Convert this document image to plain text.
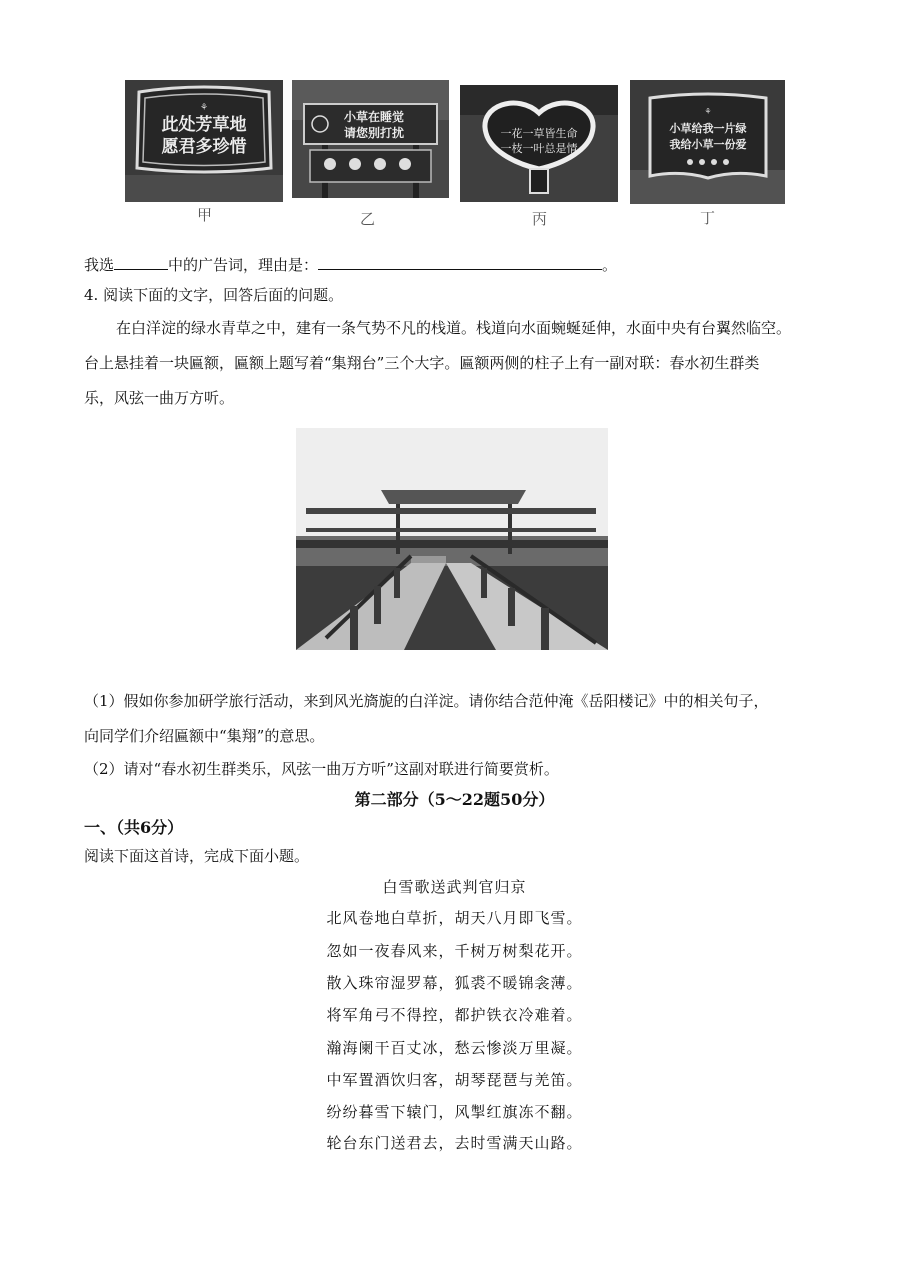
⚘
此处芳草地
愿君多珍惜
小草在睡觉
请您别打扰	一花一草皆生命
一枝一叶总是情
⚘
小草给我一片绿
我给小草一份爱
甲	乙	丙	丁
我选	中的广告词，理由是：	。
4. 阅读下面的文字，回答后面的问题。
在白洋淀的绿水青草之中，建有一条气势不凡的栈道。栈道向水面蜿蜒延伸，水面中央有台翼然临空。
台上悬挂着一块匾额，匾额上题写着“集翔台”三个大字。匾额两侧的柱子上有一副对联：春水初生群类
乐，风弦一曲万方听。
（1）假如你参加研学旅行活动，来到风光旖旎的白洋淀。请你结合范仲淹《岳阳楼记》中的相关句子，
向同学们介绍匾额中“集翔”的意思。
（2）请对“春水初生群类乐，风弦一曲万方听”这副对联进行简要赏析。
第二部分（5～22题50分）
一、（共6分）
阅读下面这首诗，完成下面小题。
白雪歌送武判官归京
北风卷地白草折，胡天八月即飞雪。
忽如一夜春风来，千树万树梨花开。
散入珠帘湿罗幕，狐裘不暖锦衾薄。
将军角弓不得控，都护铁衣冷难着。
瀚海阑干百丈冰，愁云惨淡万里凝。
中军置酒饮归客，胡琴琵琶与羌笛。
纷纷暮雪下辕门，风掣红旗冻不翻。
轮台东门送君去，去时雪满天山路。
